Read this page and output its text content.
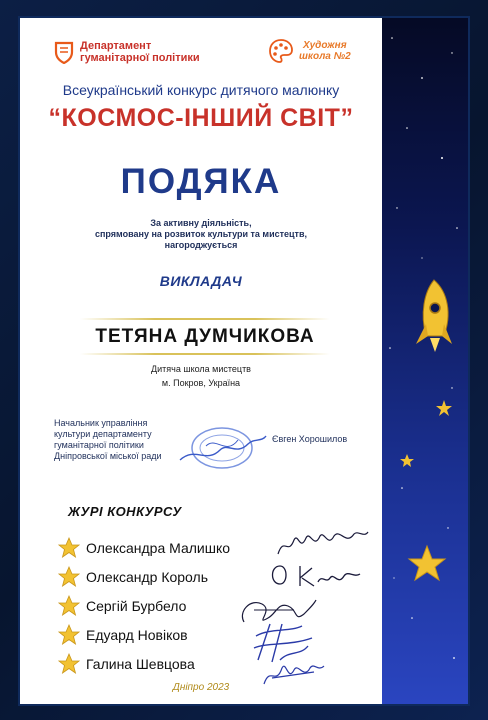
Департамент
гуманітарної політики
Художня
школа №2
Всеукраїнський конкурс дитячого малюнку
“КОСМОС-ІНШИЙ СВІТ”
ПОДЯКА
За активну діяльність,
спрямовану на розвиток культури та мистецтв,
нагороджується
ВИКЛАДАЧ
ТЕТЯНА ДУМЧИКОВА
Дитяча школа мистецтв
м. Покров, Україна
Начальник управління
культури департаменту
гуманітарної політики
Дніпровської міської ради
Євген Хорошилов
ЖУРІ КОНКУРСУ
Олександра Малишко
Олександр Король
Сергій Бурбело
Едуард Новіков
Галина Шевцова
Дніпро 2023
